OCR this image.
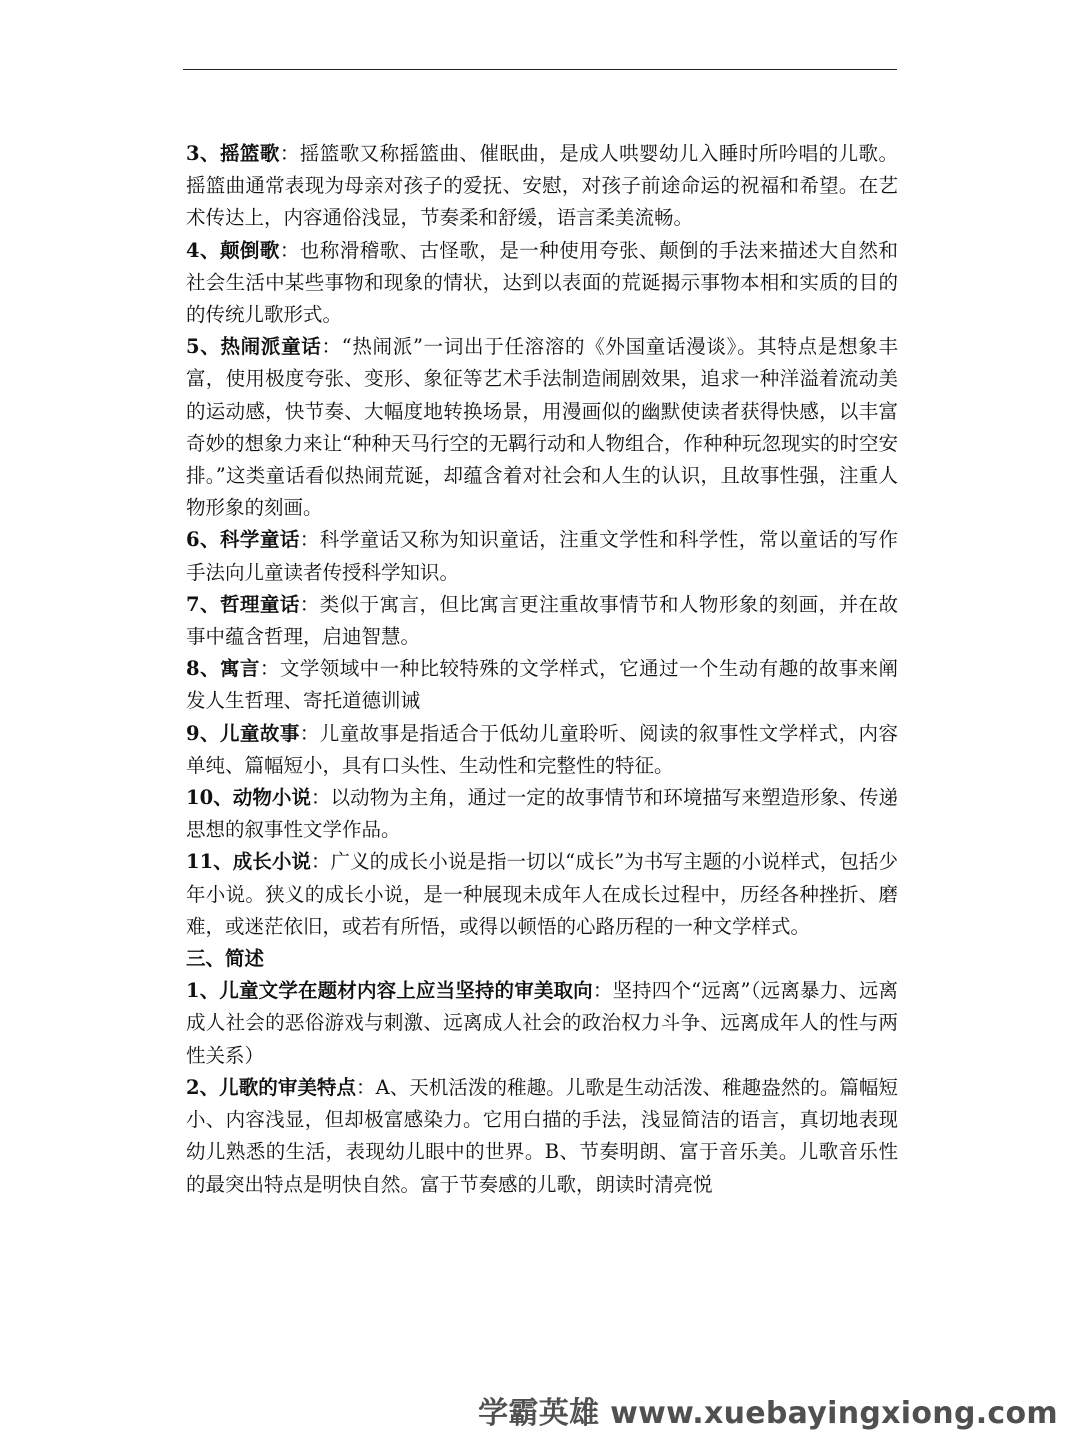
3、摇篮歌：摇篮歌又称摇篮曲、催眠曲，是成人哄婴幼儿入睡时所吟唱的儿歌。摇篮曲通常表现为母亲对孩子的爱抚、安慰，对孩子前途命运的祝福和希望。在艺术传达上，内容通俗浅显，节奏柔和舒缓，语言柔美流畅。

4、颠倒歌：也称滑稽歌、古怪歌，是一种使用夸张、颠倒的手法来描述大自然和社会生活中某些事物和现象的情状，达到以表面的荒诞揭示事物本相和实质的目的的传统儿歌形式。

5、热闹派童话：“热闹派”一词出于任溶溶的《外国童话漫谈》。其特点是想象丰富，使用极度夸张、变形、象征等艺术手法制造闹剧效果，追求一种洋溢着流动美的运动感，快节奏、大幅度地转换场景，用漫画似的幽默使读者获得快感，以丰富奇妙的想象力来让“种种天马行空的无羁行动和人物组合，作种种玩忽现实的时空安排。”这类童话看似热闹荒诞，却蕴含着对社会和人生的认识，且故事性强，注重人物形象的刻画。

6、科学童话：科学童话又称为知识童话，注重文学性和科学性，常以童话的写作手法向儿童读者传授科学知识。

7、哲理童话：类似于寓言，但比寓言更注重故事情节和人物形象的刻画，并在故事中蕴含哲理，启迪智慧。

8、寓言：文学领域中一种比较特殊的文学样式，它通过一个生动有趣的故事来阐发人生哲理、寄托道德训诫

9、儿童故事：儿童故事是指适合于低幼儿童聆听、阅读的叙事性文学样式，内容单纯、篇幅短小，具有口头性、生动性和完整性的特征。

10、动物小说：以动物为主角，通过一定的故事情节和环境描写来塑造形象、传递思想的叙事性文学作品。

11、成长小说：广义的成长小说是指一切以“成长”为书写主题的小说样式，包括少年小说。狭义的成长小说，是一种展现未成年人在成长过程中，历经各种挫折、磨难，或迷茫依旧，或若有所悟，或得以顿悟的心路历程的一种文学样式。

三、简述

1、儿童文学在题材内容上应当坚持的审美取向：坚持四个“远离”（远离暴力、远离成人社会的恶俗游戏与刺激、远离成人社会的政治权力斗争、远离成年人的性与两性关系）

2、儿歌的审美特点：A、天机活泼的稚趣。儿歌是生动活泼、稚趣盎然的。篇幅短小、内容浅显，但却极富感染力。它用白描的手法，浅显简洁的语言，真切地表现幼儿熟悉的生活，表现幼儿眼中的世界。B、节奏明朗、富于音乐美。儿歌音乐性的最突出特点是明快自然。富于节奏感的儿歌，朗读时清亮悦

学霸英雄 www.xuebayingxiong.com
